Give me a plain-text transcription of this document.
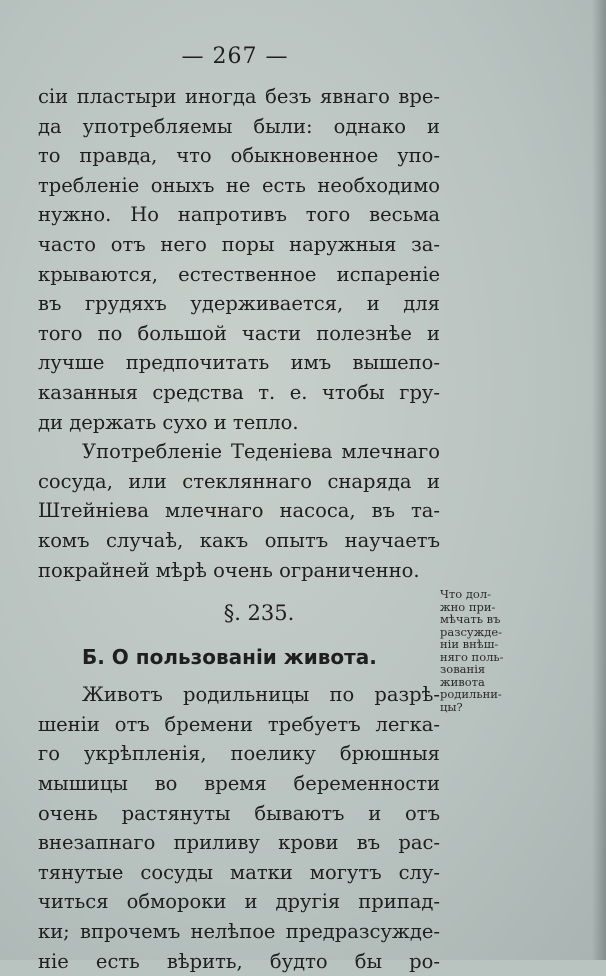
— 267 —
сіи пластыри иногда безъ явнаго вре-
да употребляемы были: однако и
то правда, что обыкновенное упо-
требленіе оныхъ не есть необходимо
нужно. Но напротивъ того весьма
часто отъ него поры наружныя за-
крываются, естественное испареніе
въ грудяхъ удерживается, и для
того по большой части полезнѣе и
лучше предпочитать имъ вышепо-
казанныя средства т. е. чтобы гру-
ди держать сухо и тепло.
Употребленіе Теденіева млечнаго
сосуда, или стекляннаго снаряда и
Штейніева млечнаго насоса, въ та-
комъ случаѣ, какъ опытъ научаетъ
покрайней мѣрѣ очень ограниченно.
§. 235.
Б. О пользованіи живота.
Животъ родильницы по разрѣ-
шеніи отъ бремени требуетъ легка-
го укрѣпленія, поелику брюшныя
мышицы во время беременности
очень растянуты бываютъ и отъ
внезапнаго приливу крови въ рас-
тянутые сосуды матки могутъ слу-
читься обмороки и другія припад-
ки; впрочемъ нелѣпое предразсужде-
ніе есть вѣрить, будто бы ро-
Что дол-
жно при-
мѣчать въ
разсужде-
ніи внѣш-
няго поль-
зованія
живота
родильни-
цы?
